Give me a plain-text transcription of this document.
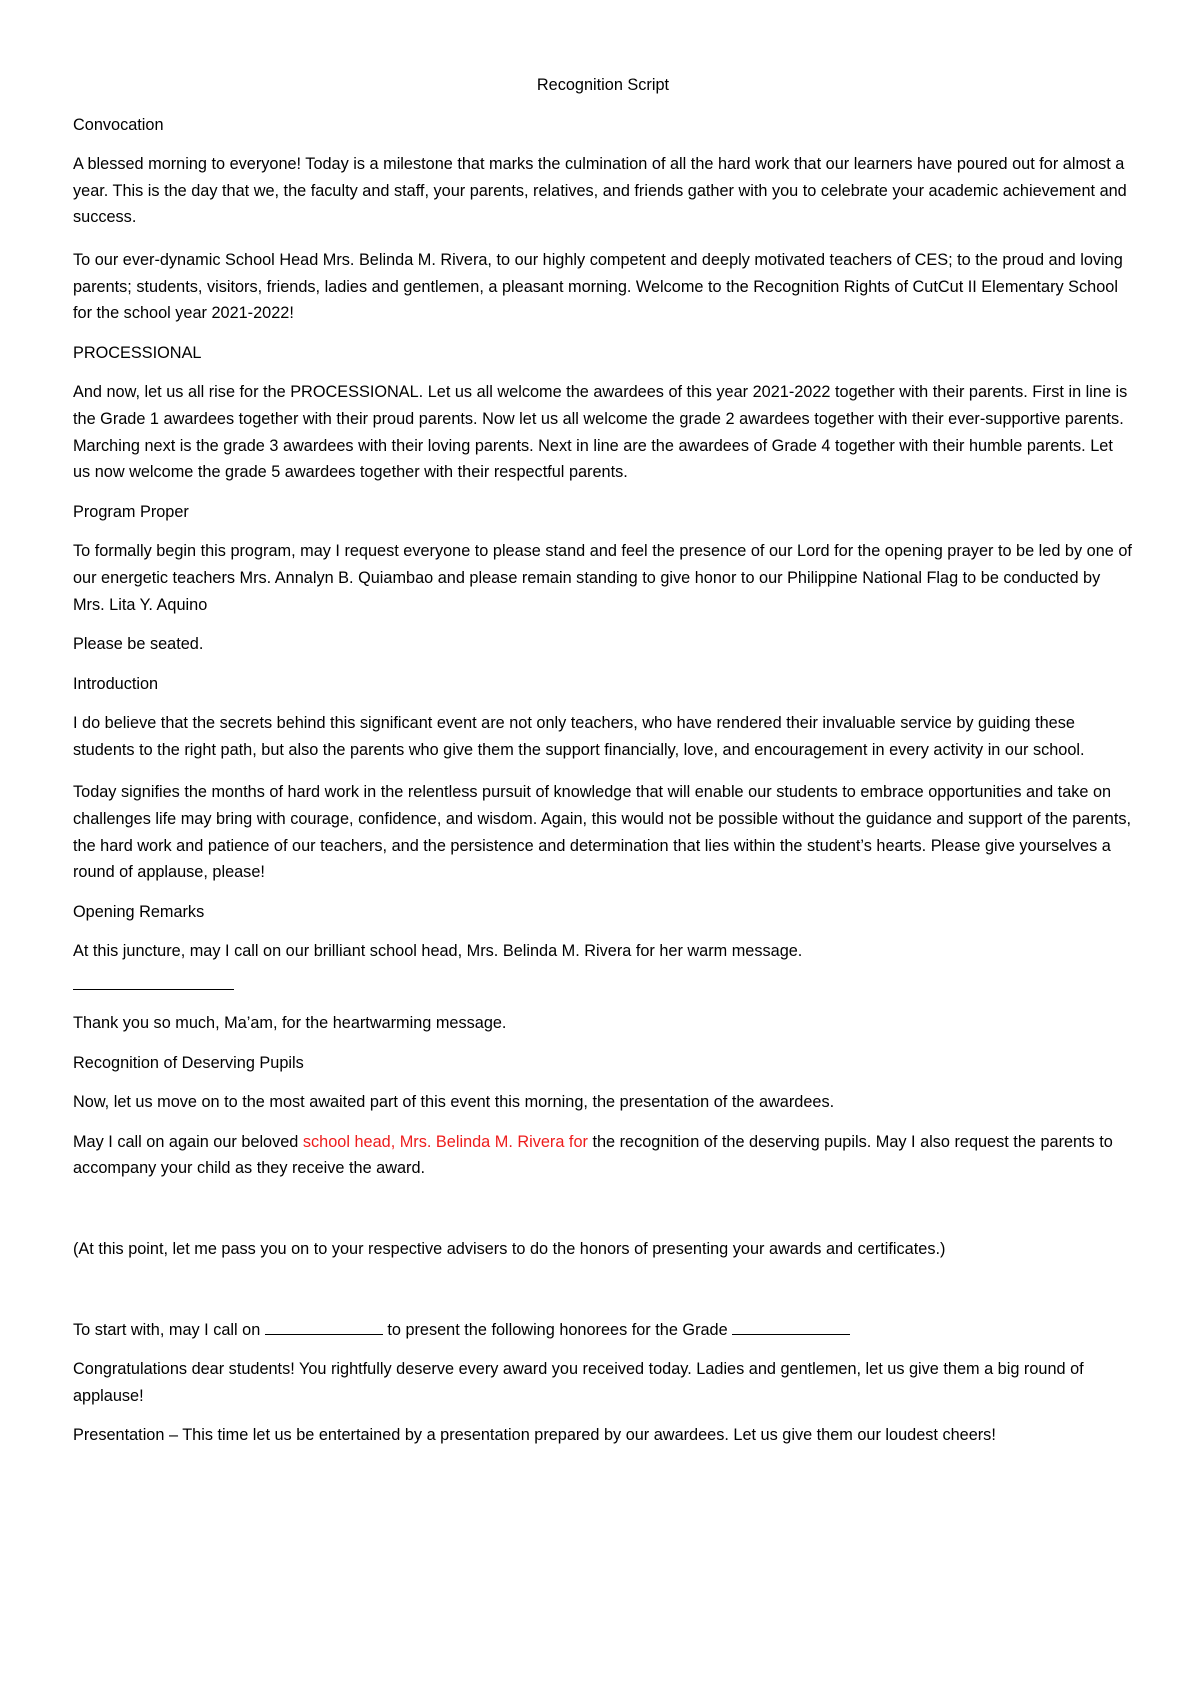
Recognition Script
Convocation
A blessed morning to everyone! Today is a milestone that marks the culmination of all the hard work that our learners have poured out for almost a year. This is the day that we, the faculty and staff, your parents, relatives, and friends gather with you to celebrate your academic achievement and success.
To our ever-dynamic School Head Mrs. Belinda M. Rivera, to our highly competent and deeply motivated teachers of CES; to the proud and loving parents; students, visitors, friends, ladies and gentlemen, a pleasant morning. Welcome to the Recognition Rights of CutCut II Elementary School for the school year 2021-2022!
PROCESSIONAL
And now, let us all rise for the PROCESSIONAL. Let us all welcome the awardees of this year 2021-2022 together with their parents. First in line is the Grade 1 awardees together with their proud parents. Now let us all welcome the grade 2 awardees together with their ever-supportive parents. Marching next is the grade 3 awardees with their loving parents. Next in line are the awardees of Grade 4 together with their humble parents. Let us now welcome the grade 5 awardees together with their respectful parents.
Program Proper
To formally begin this program, may I request everyone to please stand and feel the presence of our Lord for the opening prayer to be led by one of our energetic teachers Mrs. Annalyn B. Quiambao and please remain standing to give honor to our Philippine National Flag to be conducted by Mrs. Lita Y. Aquino
Please be seated.
Introduction
I do believe that the secrets behind this significant event are not only teachers, who have rendered their invaluable service by guiding these students to the right path, but also the parents who give them the support financially, love, and encouragement in every activity in our school.
Today signifies the months of hard work in the relentless pursuit of knowledge that will enable our students to embrace opportunities and take on challenges life may bring with courage, confidence, and wisdom. Again, this would not be possible without the guidance and support of the parents, the hard work and patience of our teachers, and the persistence and determination that lies within the student’s hearts. Please give yourselves a round of applause, please!
Opening Remarks
At this juncture, may I call on our brilliant school head, Mrs. Belinda M. Rivera for her warm message.
Thank you so much, Ma’am, for the heartwarming message.
Recognition of Deserving Pupils
Now, let us move on to the most awaited part of this event this morning, the presentation of the awardees.
May I call on again our beloved school head, Mrs. Belinda M. Rivera for the recognition of the deserving pupils. May I also request the parents to accompany your child as they receive the award.
(At this point, let me pass you on to your respective advisers to do the honors of presenting your awards and certificates.)
To start with, may I call on	to present the following honorees for the Grade
Congratulations dear students! You rightfully deserve every award you received today. Ladies and gentlemen, let us give them a big round of applause!
Presentation – This time let us be entertained by a presentation prepared by our awardees. Let us give them our loudest cheers!
